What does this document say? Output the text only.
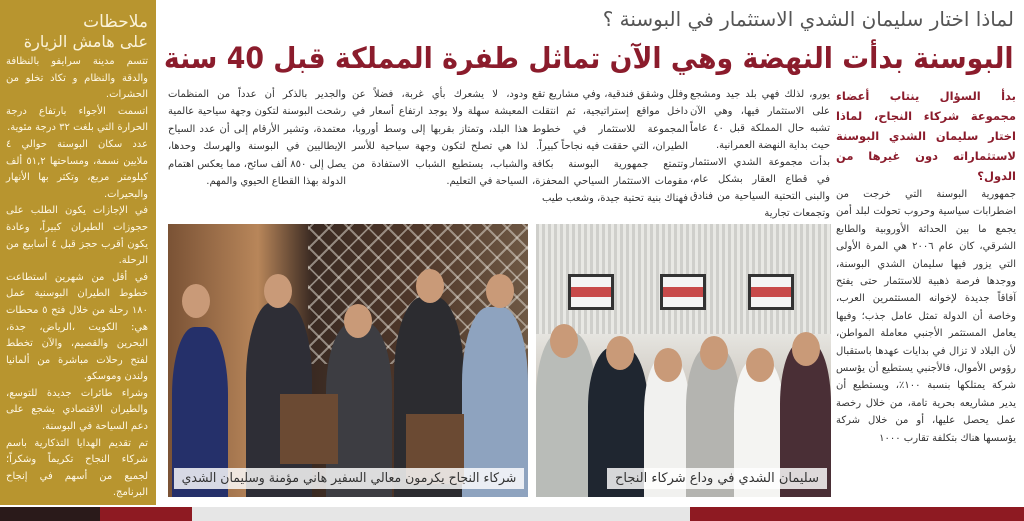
ملاحظات
على هامش الزيارة

تتسم مدينة سرايفو بالنظافة والدقة والنظام و تكاد تخلو من الحشرات.

اتسمت الأجواء بارتفاع درجة الحرارة التي بلغت ٣٢ درجة مئوية.

عدد سكان البوسنة حوالي ٤ ملايين نسمة، ومساحتها ٥١,٢ ألف كيلومتر مربع، وتكثر بها الأنهار والبحيرات.

في الإجازات يكون الطلب على حجوزات الطيران كبيراً، وعادة يكون أقرب حجز قبل ٤ أسابيع من الرحلة.

في أقل من شهرين استطاعت خطوط الطيران البوسنية عمل ١٨٠ رحلة من خلال فتح ٥ محطات هي: الكويت ،الرياض، جدة، البحرين والقصيم، والآن تخطط لفتح رحلات مباشرة من ألمانيا ولندن وموسكو.

وشراء طائرات جديدة للتوسع، والطيران الاقتصادي يشجع على دعم السياحة في البوسنة.

تم تقديم الهدايا التذكارية باسم شركاء النجاح تكريماً وشكراً؛ لجميع من أسهم في إنجاح البرنامج.

لماذا اختار سليمان الشدي الاستثمار في البوسنة ؟
البوسنة بدأت النهضة وهي الآن تماثل طفرة المملكة قبل 40 سنة

بدأ السؤال ينتاب أعضاء مجموعة شركاء النجاح، لماذا اختار سليمان الشدي البوسنة لاستثماراته دون غيرها من الدول؟

جمهورية البوسنة التي خرجت من اضطرابات سياسية وحروب تحولت لبلد أمن يجمع ما بين الحداثة الأوروبية والطابع الشرقي، كان عام ٢٠٠٦ هي المرة الأولى التي يزور فيها سليمان الشدي البوسنة، ووجدها فرصة ذهبية للاستثمار حتى يفتح آفاقاً جديدة لإخوانه المستثمرين العرب، وخاصة أن الدولة تمثل عامل جذب؛ وفيها يعامل المستثمر الأجنبي معاملة المواطن، لأن البلاد لا تزال في بدايات عهدها باستقبال رؤوس الأموال، فالأجنبي يستطيع أن يؤسس شركة يمتلكها بنسبة ١٠٠٪، ويستطيع أن يدير مشاريعه بحرية تامة، من خلال رخصة عمل يحصل عليها، أو من خلال شركة يؤسسها هناك بتكلفة تقارب ١٠٠٠

يورو، لذلك فهي بلد جيد ومشجع على الاستثمار فيها، وهي الآن تشبه حال المملكة قبل ٤٠ عاماً حيث بداية النهضة العمرانية.

بدأت مجموعة الشدي الاستثمار في قطاع العقار بشكل عام، والبنى التحتية السياحية من فنادق وتجمعات تجارية

وفلل وشقق فندقية، وفي مشاريع تقع داخل مواقع إستراتيجية، ثم انتقلت المجموعة للاستثمار في خطوط الطيران، التي حققت فيه نجاحاً كبيراً.

وتتمتع جمهورية البوسنة بكافة مقومات الاستثمار السياحي المحفزة، فهناك بنية تحتية جيدة، وشعب طيب

ودود، لا يشعرك بأي غربة، فضلاً عن المعيشة سهلة ولا يوجد ارتفاع أسعار في هذا البلد، وتمتاز بقربها إلى وسط أوروبا، لذا هي تصلح لتكون وجهة سياحية للأسر والشباب، يستطيع الشباب الاستفادة من السياحة في التعليم.

والجدير بالذكر أن عدداً من المنظمات رشحت البوسنة لتكون وجهة سياحية عالمية معتمدة، وتشير الأرقام إلى أن عدد السياح الإيطاليين في البوسنة والهرسك وحدها، يصل إلى ٨٥٠ ألف سائح، مما يعكس اهتمام الدولة بهذا القطاع الحيوي والمهم.

شركاء النجاح يكرمون معالي السفير هاني مؤمنة وسليمان الشدي	سليمان الشدي في وداع شركاء النجاح
